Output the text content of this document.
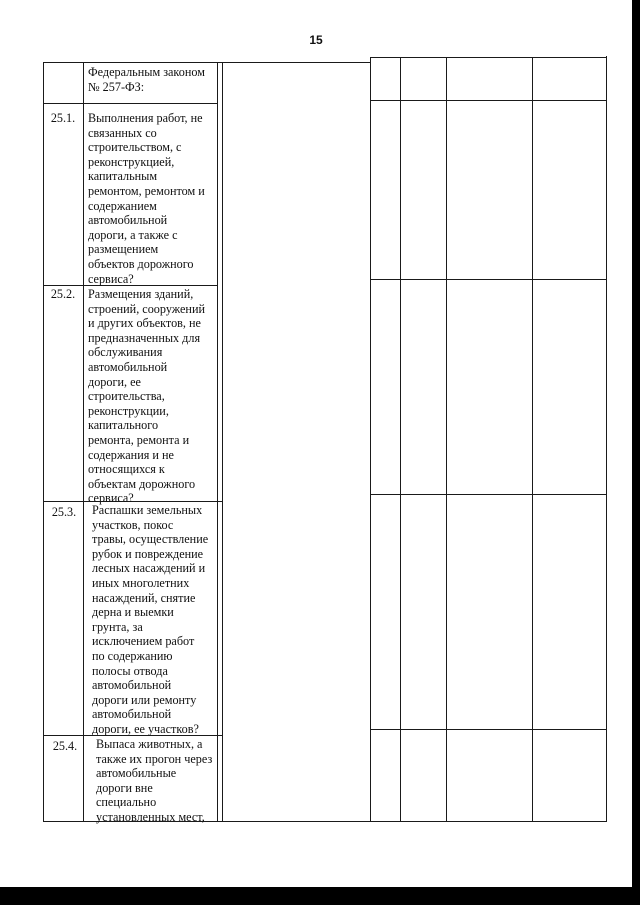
15
Федеральным законом
№ 257-ФЗ:
25.1.	Выполнения работ, не
связанных со
строительством, с
реконструкцией,
капитальным
ремонтом, ремонтом и
содержанием
автомобильной
дороги, а также с
размещением
объектов дорожного
сервиса?
25.2.	Размещения зданий,
строений, сооружений
и других объектов, не
предназначенных для
обслуживания
автомобильной
дороги, ее
строительства,
реконструкции,
капитального
ремонта, ремонта и
содержания и не
относящихся к
объектам дорожного
сервиса?
25.3.	Распашки земельных
участков, покос
травы, осуществление
рубок и повреждение
лесных насаждений и
иных многолетних
насаждений, снятие
дерна и выемки
грунта, за
исключением работ
по содержанию
полосы отвода
автомобильной
дороги или ремонту
автомобильной
дороги, ее участков?
25.4.	Выпаса животных, а
также их прогон через
автомобильные
дороги вне
специально
установленных мест,
